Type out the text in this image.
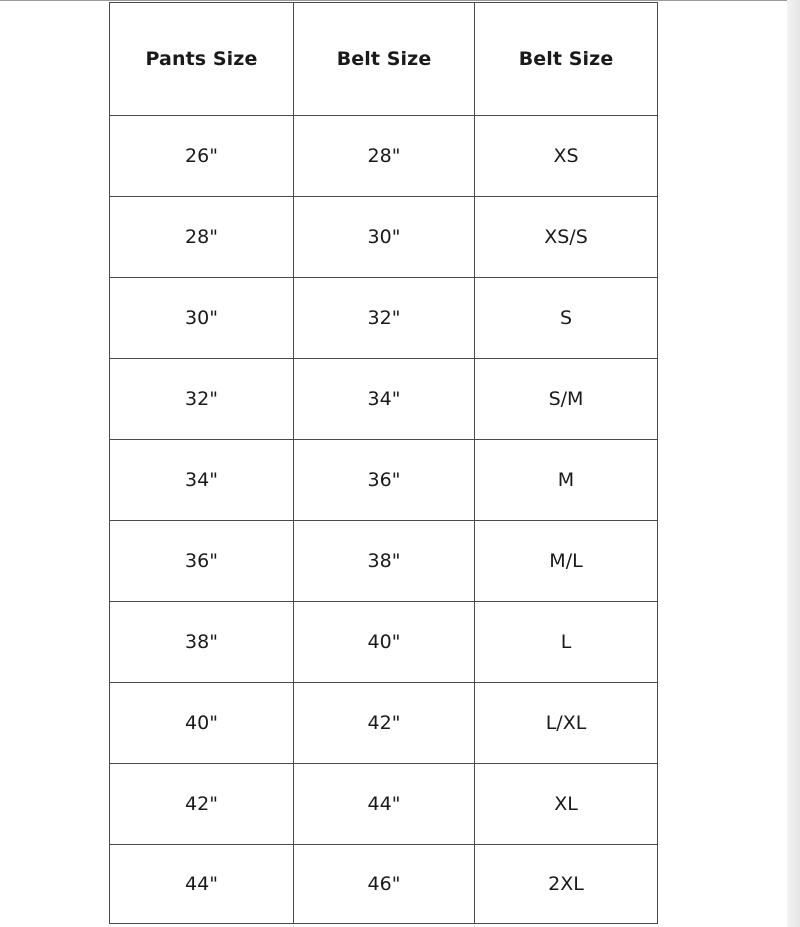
Pants Size	Belt Size	Belt Size
26"	28"	XS
28"	30"	XS/S
30"	32"	S
32"	34"	S/M
34"	36"	M
36"	38"	M/L
38"	40"	L
40"	42"	L/XL
42"	44"	XL
44"	46"	2XL
